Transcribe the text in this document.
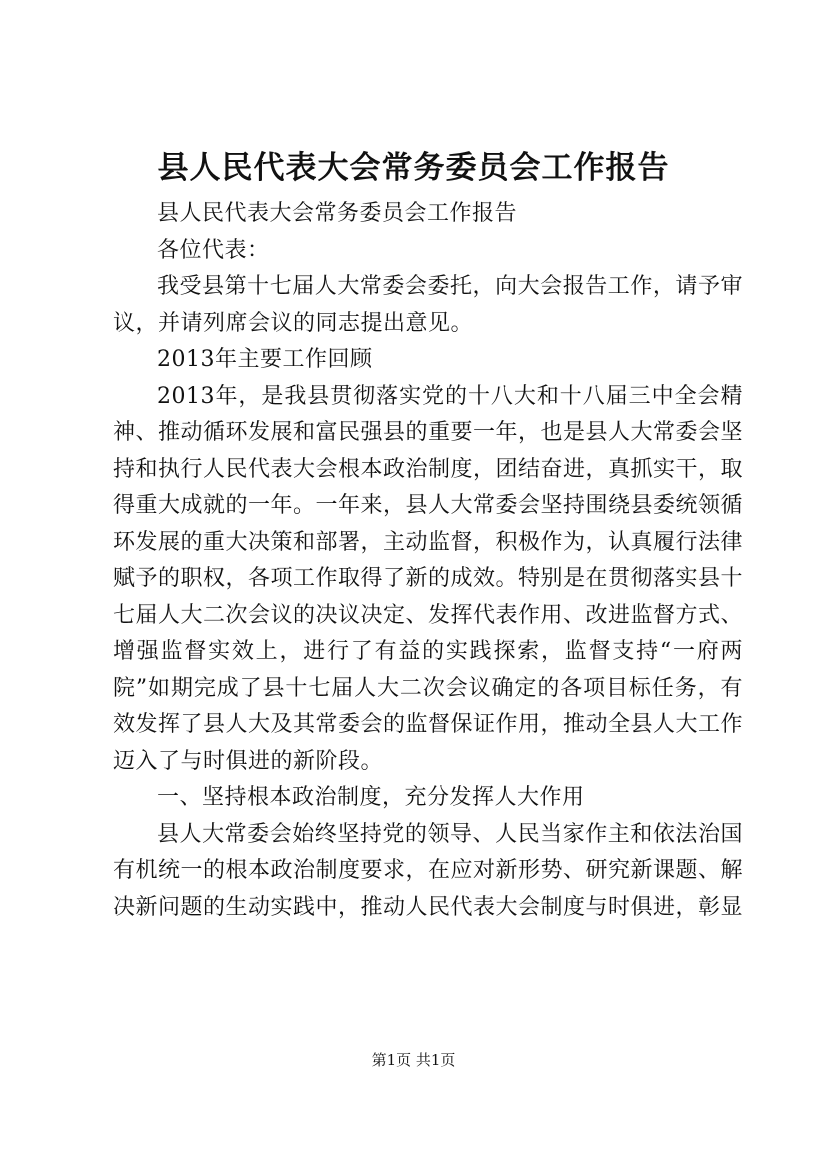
县人民代表大会常务委员会工作报告

县人民代表大会常务委员会工作报告

各位代表：

我受县第十七届人大常委会委托，向大会报告工作，请予审议，并请列席会议的同志提出意见。

2013年主要工作回顾

2013年，是我县贯彻落实党的十八大和十八届三中全会精神、推动循环发展和富民强县的重要一年，也是县人大常委会坚持和执行人民代表大会根本政治制度，团结奋进，真抓实干，取得重大成就的一年。一年来，县人大常委会坚持围绕县委统领循环发展的重大决策和部署，主动监督，积极作为，认真履行法律赋予的职权，各项工作取得了新的成效。特别是在贯彻落实县十七届人大二次会议的决议决定、发挥代表作用、改进监督方式、增强监督实效上，进行了有益的实践探索，监督支持“一府两院”如期完成了县十七届人大二次会议确定的各项目标任务，有效发挥了县人大及其常委会的监督保证作用，推动全县人大工作迈入了与时俱进的新阶段。

一、坚持根本政治制度，充分发挥人大作用

县人大常委会始终坚持党的领导、人民当家作主和依法治国有机统一的根本政治制度要求，在应对新形势、研究新课题、解决新问题的生动实践中，推动人民代表大会制度与时俱进，彰显

第1页 共1页
